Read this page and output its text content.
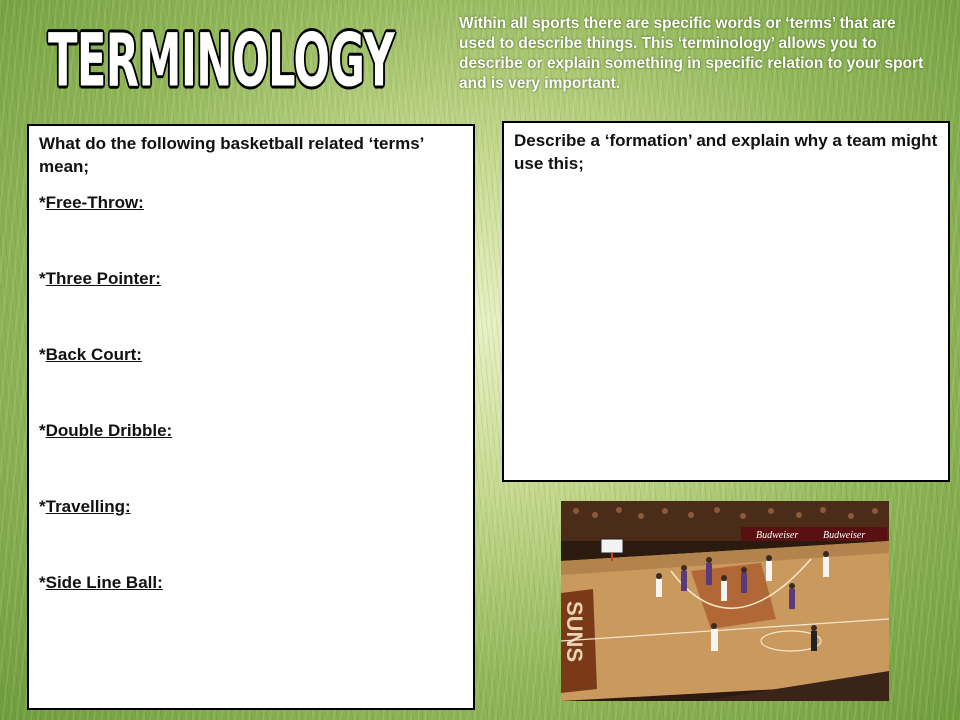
TERMINOLOGY	Within all sports there are specific words or ‘terms’ that are used to describe things. This ‘terminology’ allows you to describe or explain something in specific relation to your sport and is very important.

What do the following basketball related ‘terms’ mean;

*Free-Throw:
*Three Pointer:
*Back Court:
*Double Dribble:
*Travelling:
*Side Line Ball:

Describe a ‘formation’ and explain why a team might use this;

Budweiser Budweiser
SUNS
